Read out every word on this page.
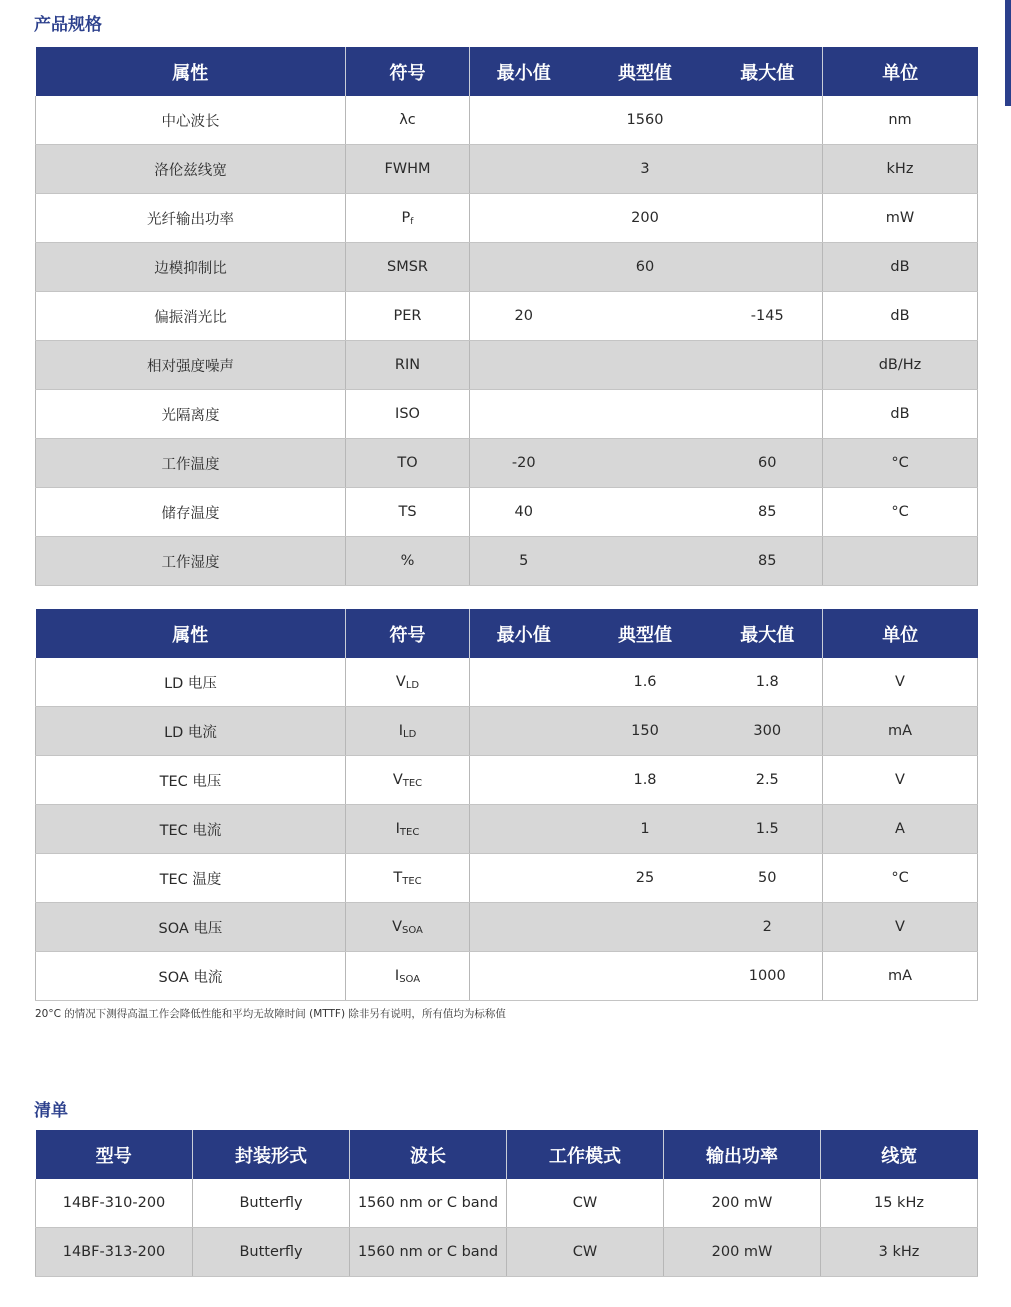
产品规格
属性	符号	最小值	典型值	最大值	单位
中心波长	λc		1560		nm
洛伦兹线宽	FWHM		3		kHz
光纤输出功率	$P_f$		200		mW
边模抑制比	SMSR		60		dB
偏振消光比	PER	20		-145	dB
相对强度噪声	RIN				dB/Hz
光隔离度	ISO				dB
工作温度	TO	-20		60	°C
储存温度	TS	40		85	°C
工作湿度	%	5		85	
属性	符号	最小值	典型值	最大值	单位
LD 电压	VLD		1.6	1.8	V
LD 电流	ILD		150	300	mA
TEC 电压	VTEC		1.8	2.5	V
TEC 电流	ITEC		1	1.5	A
TEC 温度	TTEC		25	50	°C
SOA 电压	VSOA			2	V
SOA 电流	ISOA			1000	mA
20°C 的情况下测得高温工作会降低性能和平均无故障时间 (MTTF) 除非另有说明，所有值均为标称值
清单
型号	封装形式	波长	工作模式	输出功率	线宽
14BF-310-200	Butterfly	1560 nm or C band	CW	200 mW	15 kHz
14BF-313-200	Butterfly	1560 nm or C band	CW	200 mW	3 kHz
